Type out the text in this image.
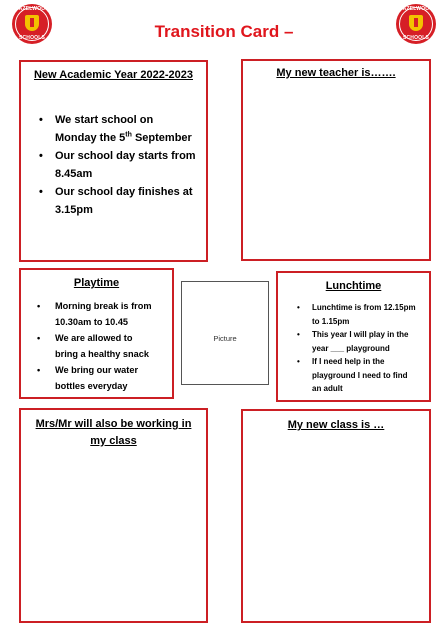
HAZELWOOD
SCHOOLS
HAZELWOOD
SCHOOLS
Transition Card –
New Academic Year 2022-2023
• We start school on
Monday the 5th September
• Our school day starts from
8.45am
• Our school day finishes at
3.15pm
My new teacher is…….
Playtime
• Morning break is from
10.30am to 10.45
• We are allowed to
bring a healthy snack
• We bring our water
bottles everyday
Picture
Lunchtime
• Lunchtime is from 12.15pm
to 1.15pm
• This year I will play in the
year ___ playground
• If I need help in the
playground I need to find
an adult
Mrs/Mr will also be working in
my class
My new class is …
